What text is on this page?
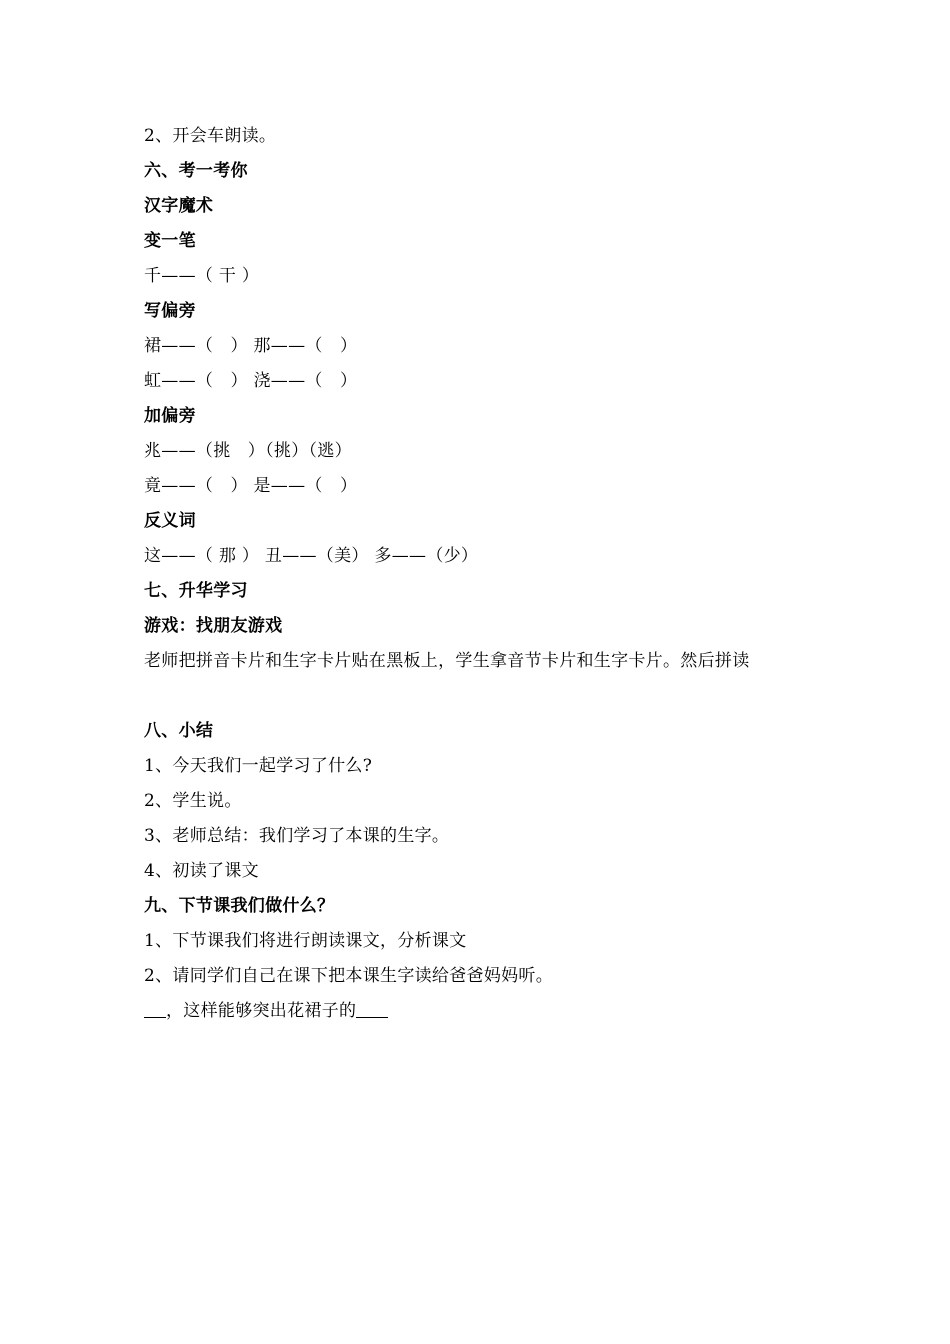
2、开会车朗读。
六、考一考你
汉字魔术
变一笔
千——（ 干 ）
写偏旁
裙——（　） 那——（　）
虹——（　） 浇——（　）
加偏旁
兆——（挑　）（挑）（逃）
竟——（　） 是——（　）
反义词
这——（ 那 ） 丑——（美） 多——（少）
七、升华学习
游戏：找朋友游戏
老师把拼音卡片和生字卡片贴在黑板上，学生拿音节卡片和生字卡片。然后拼读
八、小结
1、今天我们一起学习了什么?
2、学生说。
3、老师总结：我们学习了本课的生字。
4、初读了课文
九、下节课我们做什么？
1、下节课我们将进行朗读课文，分析课文
2、请同学们自己在课下把本课生字读给爸爸妈妈听。
，这样能够突出花裙子的
